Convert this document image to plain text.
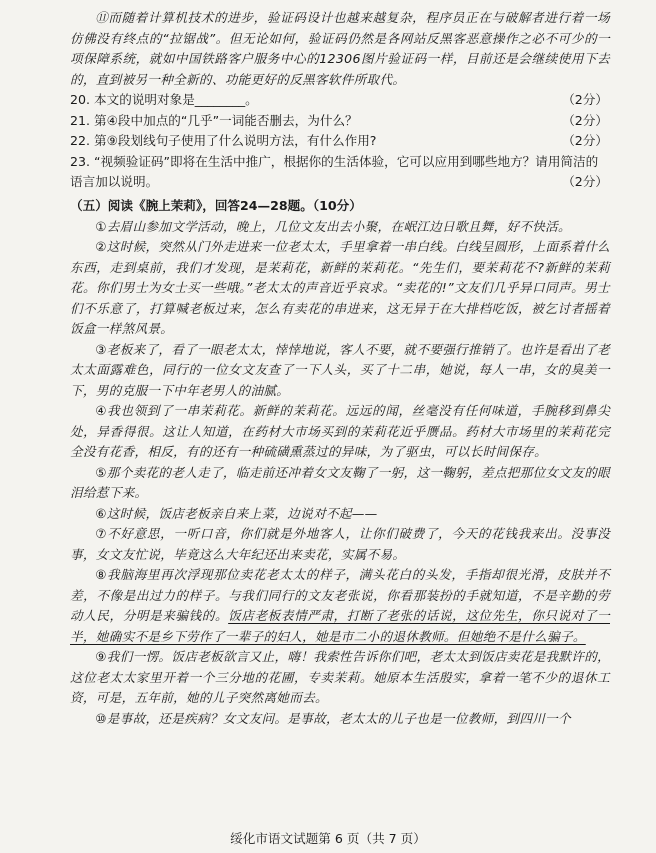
⑪而随着计算机技术的进步，验证码设计也越来越复杂，程序员正在与破解者进行着一场仿佛没有终点的“拉锯战”。但无论如何，验证码仍然是各网站反黑客恶意操作之必不可少的一项保障系统，就如中国铁路客户服务中心的12306图片验证码一样，目前还是会继续使用下去的，直到被另一种全新的、功能更好的反黑客软件所取代。

20. 本文的说明对象是________。	（2分）
21. 第④段中加点的“几乎”一词能否删去，为什么？	（2分）
22. 第⑨段划线句子使用了什么说明方法，有什么作用?	（2分）
23. “视频验证码”即将在生活中推广，根据你的生活体验，它可以应用到哪些地方？请用简洁的语言加以说明。	（2分）
（五）阅读《腕上茉莉》，回答24—28题。（10分）

①去眉山参加文学活动，晚上，几位文友出去小聚，在岷江边日歌且舞，好不快活。

②这时候，突然从门外走进来一位老太太，手里拿着一串白线。白线呈圆形，上面系着什么东西，走到桌前，我们才发现，是茉莉花，新鲜的茉莉花。“先生们，要茉莉花不?新鲜的茉莉花。你们男士为女士买一些哦。”老太太的声音近乎哀求。“卖花的!”文友们几乎异口同声。男士们不乐意了，打算喊老板过来，怎么有卖花的串进来，这无异于在大排档吃饭，被乞讨者摇着饭盒一样煞风景。

③老板来了，看了一眼老太太，悻悻地说，客人不要，就不要强行推销了。也许是看出了老太太面露难色，同行的一位女文友查了一下人头，买了十二串，她说，每人一串，女的臭美一下，男的克服一下中年老男人的油腻。

④我也领到了一串茉莉花。新鲜的茉莉花。远远的闻，丝毫没有任何味道，手腕移到鼻尖处，异香得很。这让人知道，在药材大市场买到的茉莉花近乎赝品。药材大市场里的茉莉花完全没有花香，相反，有的还有一种硫磺熏蒸过的异味，为了驱虫，可以长时间保存。

⑤那个卖花的老人走了，临走前还冲着女文友鞠了一躬，这一鞠躬，差点把那位女文友的眼泪给惹下来。

⑥这时候，饭店老板亲自来上菜，边说对不起——

⑦不好意思，一听口音，你们就是外地客人，让你们破费了，今天的花钱我来出。没事没事，女文友忙说，毕竟这么大年纪还出来卖花，实属不易。

⑧我脑海里再次浮现那位卖花老太太的样子，满头花白的头发，手指却很光滑，皮肤并不差，不像是出过力的样子。与我们同行的文友老张说，你看那装扮的手就知道，不是辛勤的劳动人民，分明是来骗钱的。饭店老板表情严肃，打断了老张的话说，这位先生，你只说对了一半，她确实不是乡下劳作了一辈子的妇人，她是市二小的退休教师。但她绝不是什么骗子。

⑨我们一愣。饭店老板欲言又止，嗨！我索性告诉你们吧，老太太到饭店卖花是我默许的，这位老太太家里开着一个三分地的花圃，专卖茉莉。她原本生活殷实，拿着一笔不少的退休工资，可是，五年前，她的儿子突然离她而去。

⑩是事故，还是疾病？女文友问。是事故，老太太的儿子也是一位教师，到四川一个

绥化市语文试题第 6 页（共 7 页）
